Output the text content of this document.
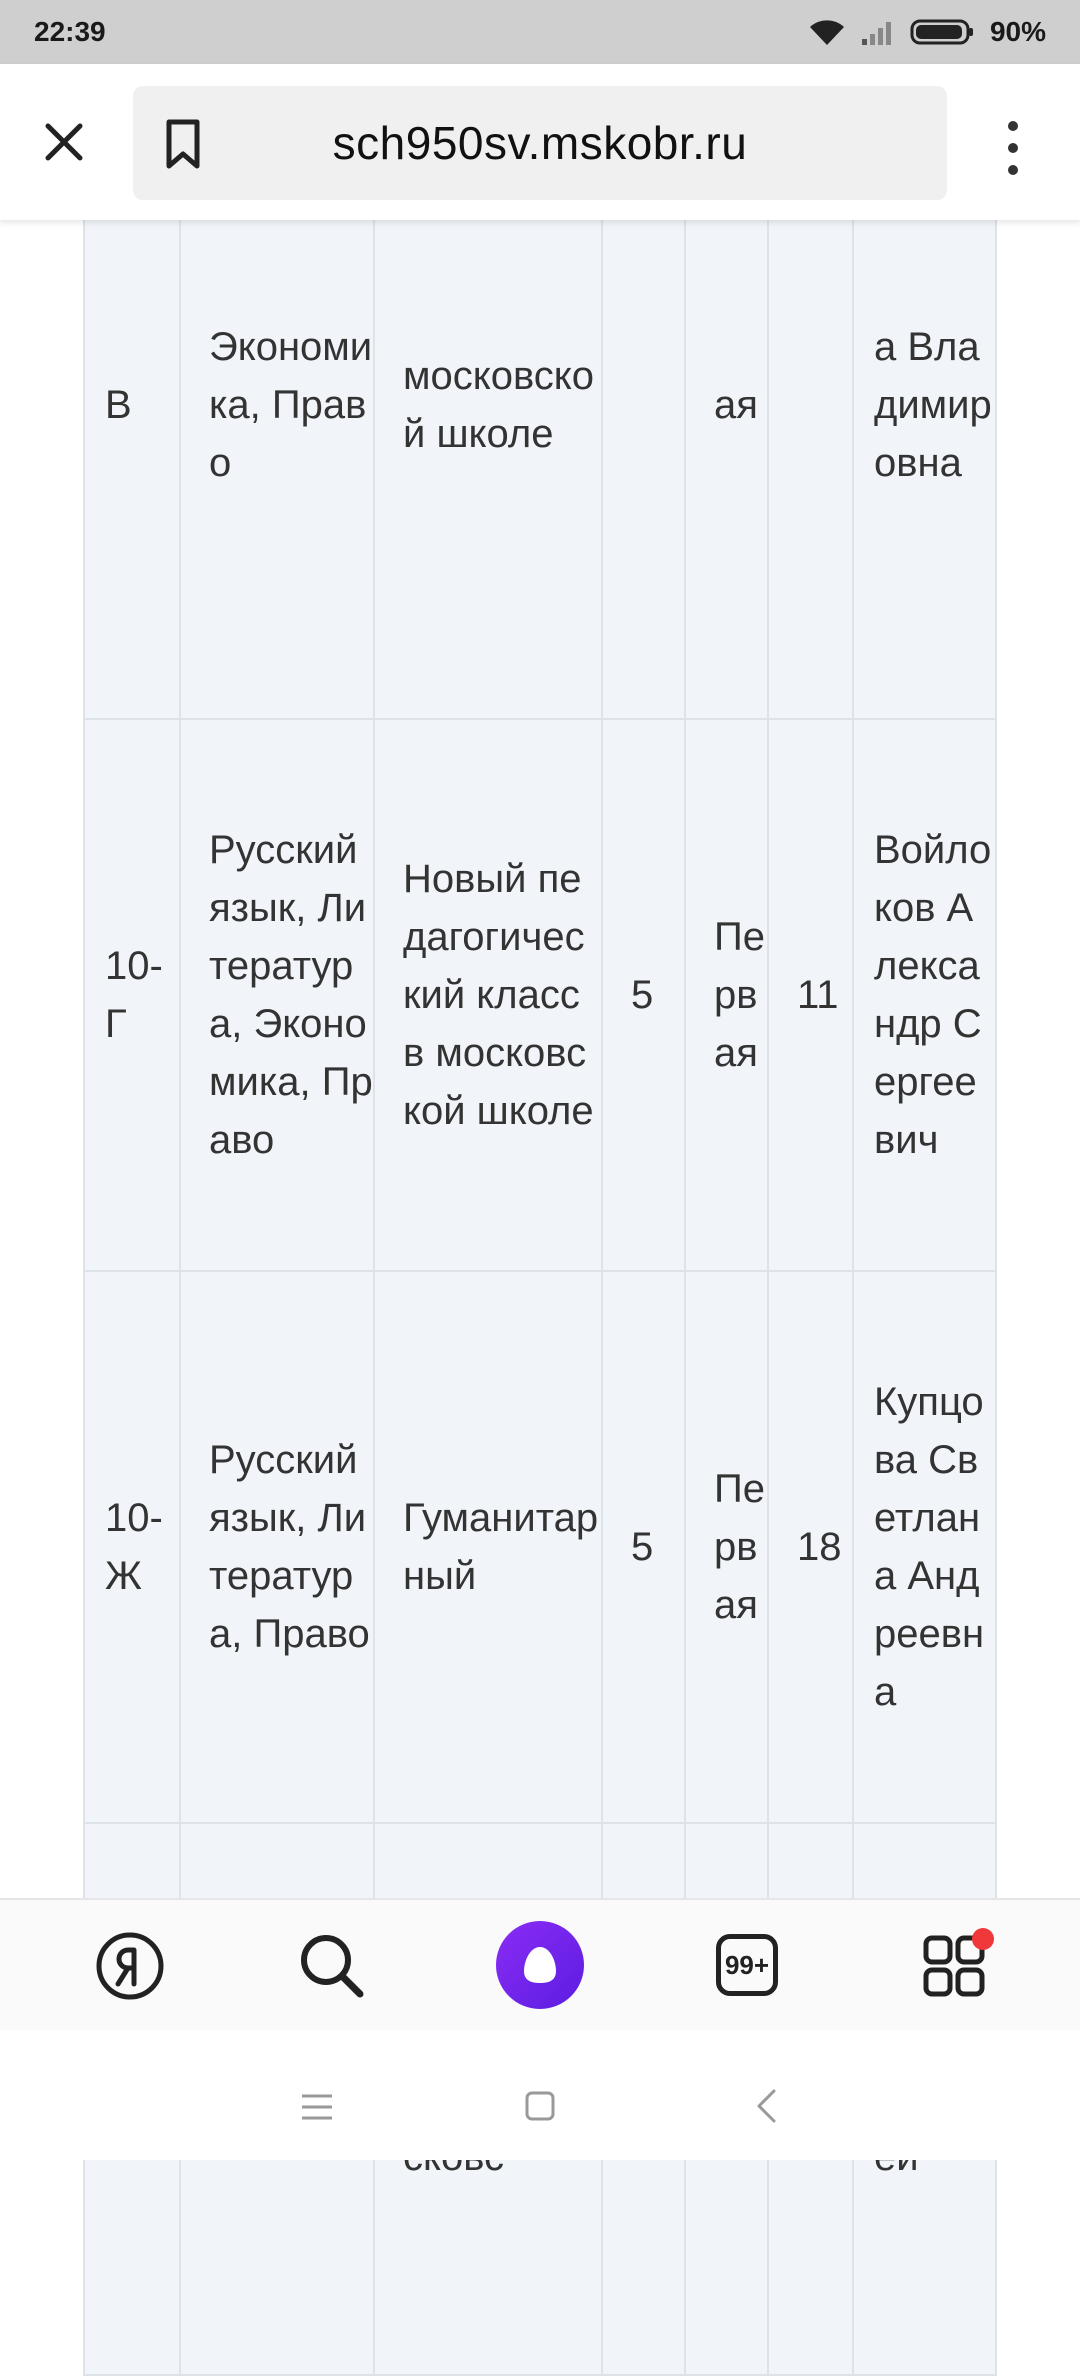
22:39	90%
sch950sv.mskobr.ru
В	Экономика, Право	московской школе		ая		а Владимировна
10-Г	Русский язык, Литература, Экономика, Право	Новый педагогический класс в московской школе	5	Первая	11	Войлоков Александр Сергеевич
10-Ж	Русский язык, Литература, Право	Гуманитарный	5	Первая	18	Купцова Светлана Андреевна

99+
